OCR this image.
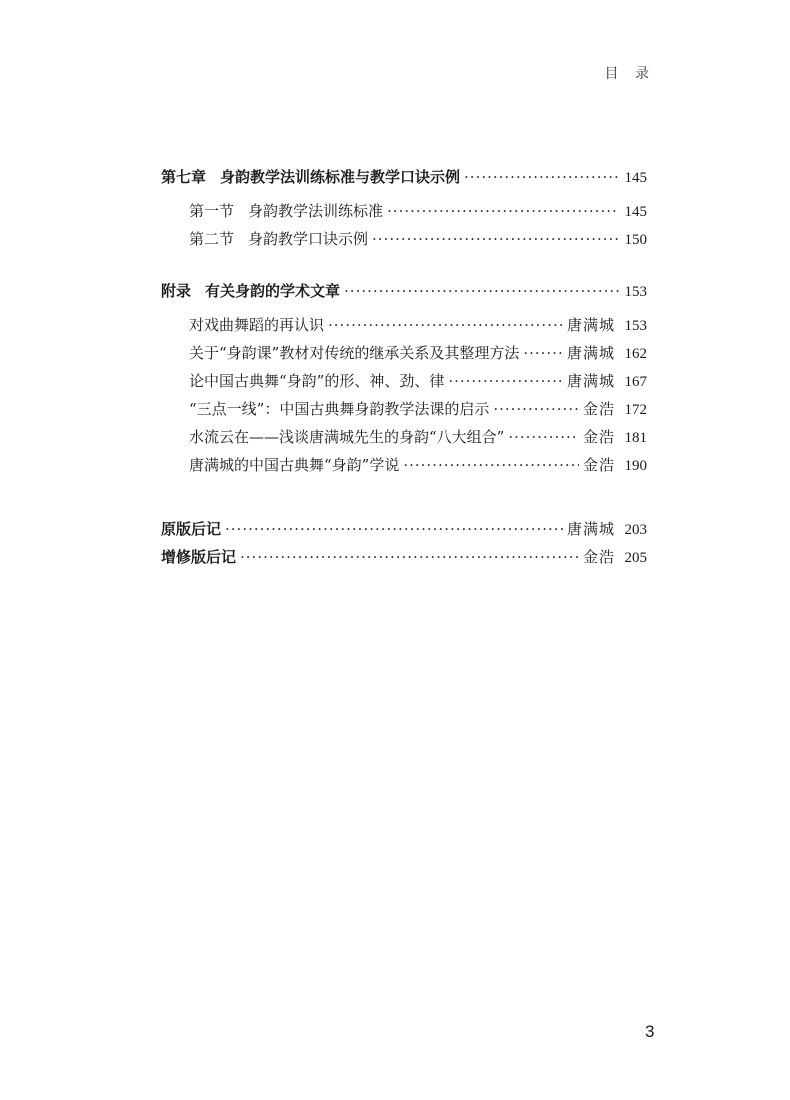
目 录
第七章 身韵教学法训练标准与教学口诀示例 ·····	145
第一节 身韵教学法训练标准 ·····	145
第二节 身韵教学口诀示例 ·····	150
附录 有关身韵的学术文章 ·····	153
对戏曲舞蹈的再认识 ·····	唐满城 153
关于“身韵课”教材对传统的继承关系及其整理方法 ·····	唐满城 162
论中国古典舞“身韵”的形、神、劲、律 ·····	唐满城 167
“三点一线”：中国古典舞身韵教学法课的启示 ·····	金浩 172
水流云在——浅谈唐满城先生的身韵“八大组合” ·····	金浩 181
唐满城的中国古典舞“身韵”学说 ·····	金浩 190
原版后记 ·····	唐满城 203
增修版后记 ·····	金浩 205
3
